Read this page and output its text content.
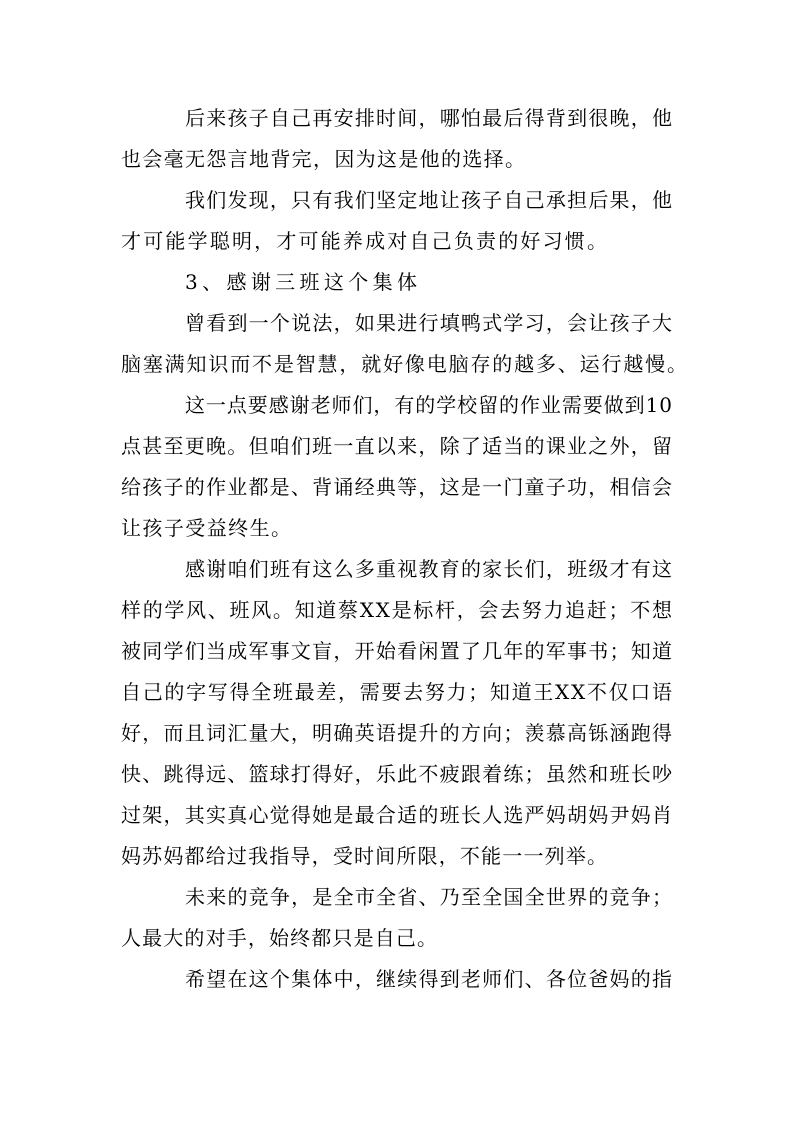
后来孩子自己再安排时间，哪怕最后得背到很晚，他

也会毫无怨言地背完，因为这是他的选择。

我们发现，只有我们坚定地让孩子自己承担后果，他

才可能学聪明，才可能养成对自己负责的好习惯。

3、感谢三班这个集体

曾看到一个说法，如果进行填鸭式学习，会让孩子大

脑塞满知识而不是智慧，就好像电脑存的越多、运行越慢。

这一点要感谢老师们，有的学校留的作业需要做到10

点甚至更晚。但咱们班一直以来，除了适当的课业之外，留

给孩子的作业都是、背诵经典等，这是一门童子功，相信会

让孩子受益终生。

感谢咱们班有这么多重视教育的家长们，班级才有这

样的学风、班风。知道蔡XX是标杆，会去努力追赶；不想

被同学们当成军事文盲，开始看闲置了几年的军事书；知道

自己的字写得全班最差，需要去努力；知道王XX不仅口语

好，而且词汇量大，明确英语提升的方向；羡慕高铄涵跑得

快、跳得远、篮球打得好，乐此不疲跟着练；虽然和班长吵

过架，其实真心觉得她是最合适的班长人选严妈胡妈尹妈肖

妈苏妈都给过我指导，受时间所限，不能一一列举。

未来的竞争，是全市全省、乃至全国全世界的竞争；

人最大的对手，始终都只是自己。

希望在这个集体中，继续得到老师们、各位爸妈的指
